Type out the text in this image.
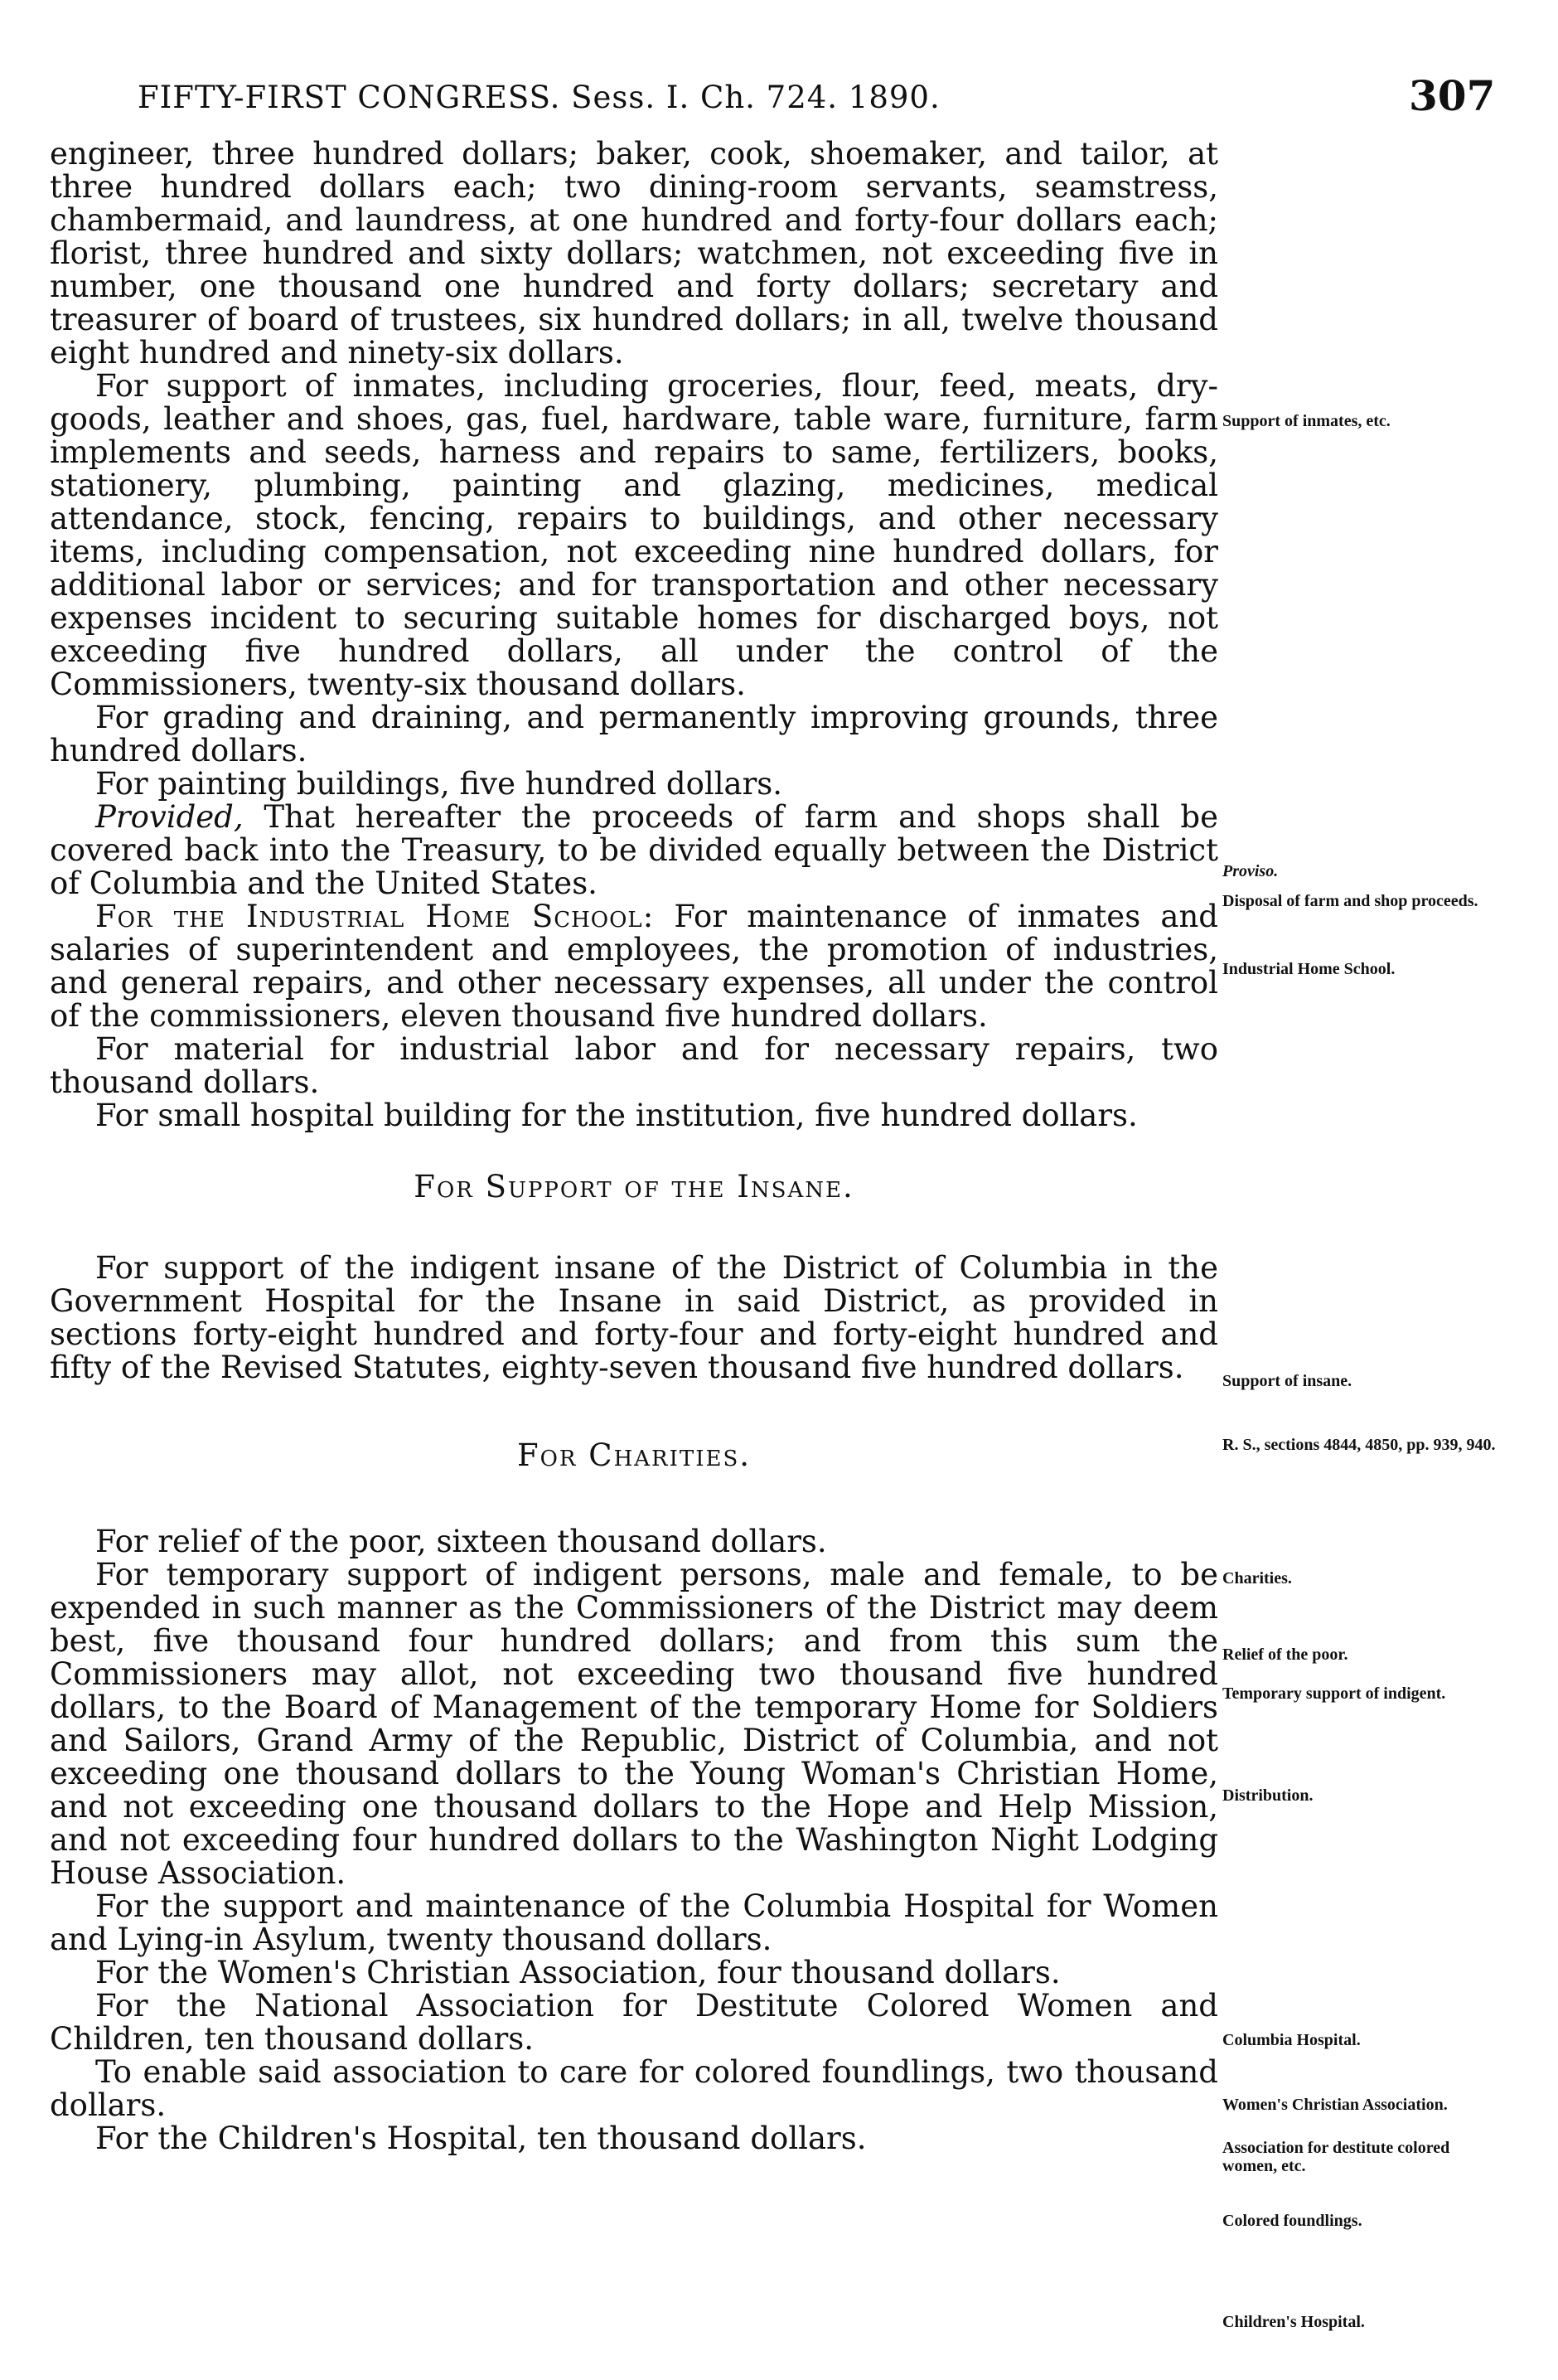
FIFTY-FIRST CONGRESS. Sess. I. Ch. 724. 1890.	307

engineer, three hundred dollars; baker, cook, shoemaker, and tailor, at three hundred dollars each; two dining-room servants, seamstress, chambermaid, and laundress, at one hundred and forty-four dollars each; florist, three hundred and sixty dollars; watchmen, not exceeding five in number, one thousand one hundred and forty dollars; secretary and treasurer of board of trustees, six hundred dollars; in all, twelve thousand eight hundred and ninety-six dollars.

For support of inmates, including groceries, flour, feed, meats, dry-goods, leather and shoes, gas, fuel, hardware, table ware, furniture, farm implements and seeds, harness and repairs to same, fertilizers, books, stationery, plumbing, painting and glazing, medicines, medical attendance, stock, fencing, repairs to buildings, and other necessary items, including compensation, not exceeding nine hundred dollars, for additional labor or services; and for transportation and other necessary expenses incident to securing suitable homes for discharged boys, not exceeding five hundred dollars, all under the control of the Commissioners, twenty-six thousand dollars.

For grading and draining, and permanently improving grounds, three hundred dollars.

For painting buildings, five hundred dollars.

Provided, That hereafter the proceeds of farm and shops shall be covered back into the Treasury, to be divided equally between the District of Columbia and the United States.

For the Industrial Home School: For maintenance of inmates and salaries of superintendent and employees, the promotion of industries, and general repairs, and other necessary expenses, all under the control of the commissioners, eleven thousand five hundred dollars.

For material for industrial labor and for necessary repairs, two thousand dollars.

For small hospital building for the institution, five hundred dollars.

For Support of the Insane.

For support of the indigent insane of the District of Columbia in the Government Hospital for the Insane in said District, as provided in sections forty-eight hundred and forty-four and forty-eight hundred and fifty of the Revised Statutes, eighty-seven thousand five hundred dollars.

For Charities.

For relief of the poor, sixteen thousand dollars.

For temporary support of indigent persons, male and female, to be expended in such manner as the Commissioners of the District may deem best, five thousand four hundred dollars; and from this sum the Commissioners may allot, not exceeding two thousand five hundred dollars, to the Board of Management of the temporary Home for Soldiers and Sailors, Grand Army of the Republic, District of Columbia, and not exceeding one thousand dollars to the Young Woman's Christian Home, and not exceeding one thousand dollars to the Hope and Help Mission, and not exceeding four hundred dollars to the Washington Night Lodging House Association.

For the support and maintenance of the Columbia Hospital for Women and Lying-in Asylum, twenty thousand dollars.

For the Women's Christian Association, four thousand dollars.

For the National Association for Destitute Colored Women and Children, ten thousand dollars.

To enable said association to care for colored foundlings, two thousand dollars.

For the Children's Hospital, ten thousand dollars.

Support of inmates, etc.
Proviso.
Disposal of farm and shop proceeds.
Industrial Home School.
Support of insane.
R. S., sections 4844, 4850, pp. 939, 940.
Charities.
Relief of the poor.
Temporary support of indigent.
Distribution.
Columbia Hospital.
Women's Christian Association.
Association for destitute colored women, etc.
Colored foundlings.
Children's Hospital.
